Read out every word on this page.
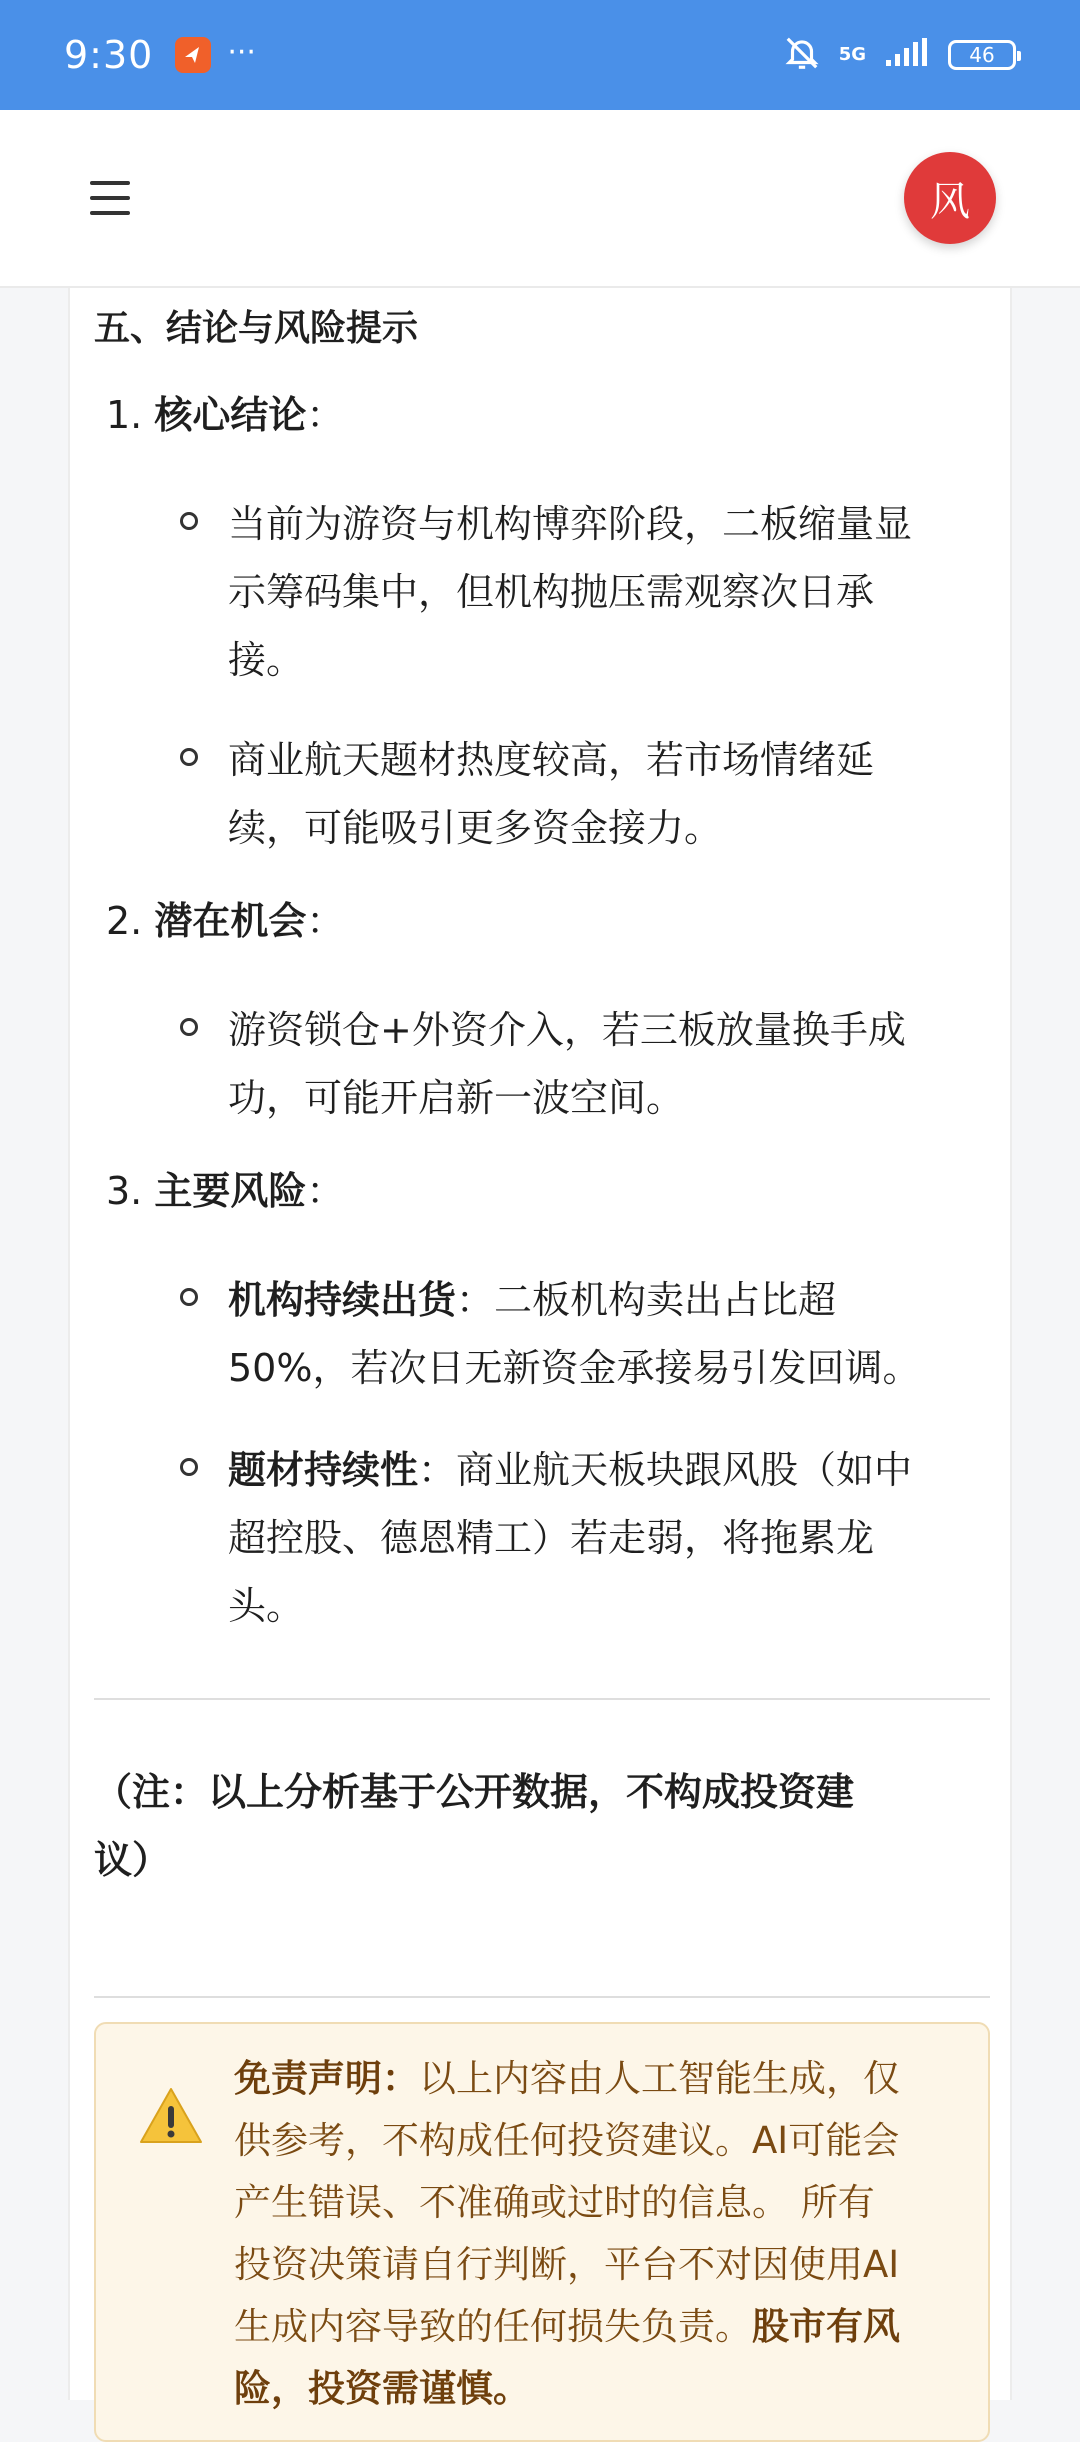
9:30 ···	5G	46
风
五、结论与风险提示
1. 核心结论：
当前为游资与机构博弈阶段，二板缩量显
示筹码集中，但机构抛压需观察次日承
接。
商业航天题材热度较高，若市场情绪延
续，可能吸引更多资金接力。
2. 潜在机会：
游资锁仓+外资介入，若三板放量换手成
功，可能开启新一波空间。
3. 主要风险：
机构持续出货：二板机构卖出占比超
50%，若次日无新资金承接易引发回调。
题材持续性：商业航天板块跟风股（如中
超控股、德恩精工）若走弱，将拖累龙
头。
（注：以上分析基于公开数据，不构成投资建
议）
免责声明：以上内容由人工智能生成，仅
供参考，不构成任何投资建议。AI可能会
产生错误、不准确或过时的信息。 所有
投资决策请自行判断，平台不对因使用AI
生成内容导致的任何损失负责。股市有风
险，投资需谨慎。
